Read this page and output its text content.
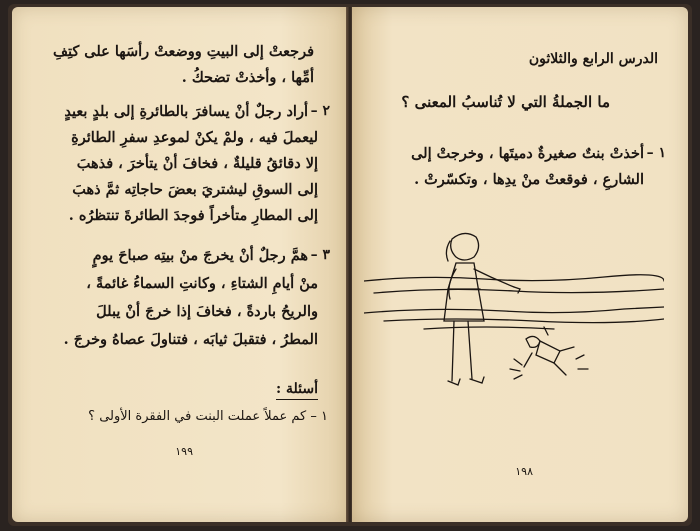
فرجعتْ إلى البيتِ ووضعتْ رأسَها على كتِفِ
أمِّها ، وأخذتْ تضحكُ .
٢ –
أراد رجلٌ أنْ يسافرَ بالطائرةِ إلى بلدٍ بعيدٍ
ليعملَ فيه ، ولمْ يكنْ لموعدِ سفرِ الطائرةِ
إلا دقائقُ قليلةٌ ، فخافَ أنْ يتأخرَ ، فذهبَ
إلى السوقِ ليشتريَ بعضَ حاجاتِه ثمَّ ذهبَ
إلى المطارِ متأخراً فوجدَ الطائرةَ تنتظرُه .
٣ –
همَّ رجلٌ أنْ يخرجَ منْ بيتِه صباحَ يومٍ
منْ أيامِ الشتاءِ ، وكانتِ السماءُ غائمةً ،
والريحُ باردةً ، فخافَ إذا خرجَ أنْ يبللَ
المطرُ ، فتقبلَ ثيابَه ، فتناولَ عصاهُ وخرجَ .
أسئلة :
١ – كم عملاً عملت البنت في الفقرة الأولى ؟
١٩٩
الدرس الرابع والثلاثون
ما الجملةُ التي لا تُناسبُ المعنى ؟
١ –
أخذتْ بنتٌ صغيرةٌ دميتَها ، وخرجتْ إلى
الشارعِ ، فوقعتْ منْ يدِها ، وتكسّرتْ .
١٩٨
